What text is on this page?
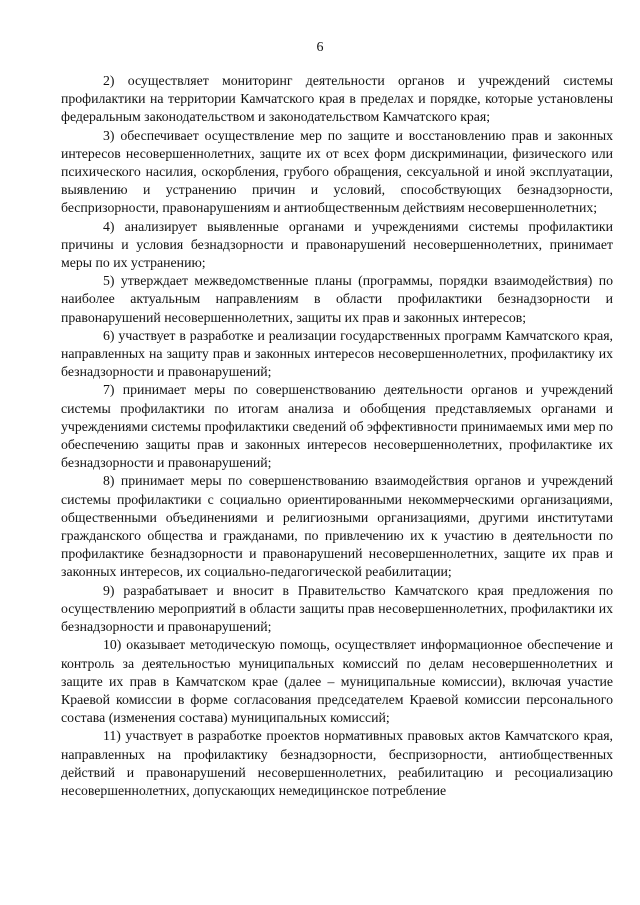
6

2) осуществляет мониторинг деятельности органов и учреждений системы профилактики на территории Камчатского края в пределах и порядке, которые установлены федеральным законодательством и законодательством Камчатского края;

3) обеспечивает осуществление мер по защите и восстановлению прав и законных интересов несовершеннолетних, защите их от всех форм дискриминации, физического или психического насилия, оскорбления, грубого обращения, сексуальной и иной эксплуатации, выявлению и устранению причин и условий, способствующих безнадзорности, беспризорности, правонарушениям и антиобщественным действиям несовершеннолетних;

4) анализирует выявленные органами и учреждениями системы профилактики причины и условия безнадзорности и правонарушений несовершеннолетних, принимает меры по их устранению;

5) утверждает межведомственные планы (программы, порядки взаимодействия) по наиболее актуальным направлениям в области профилактики безнадзорности и правонарушений несовершеннолетних, защиты их прав и законных интересов;

6) участвует в разработке и реализации государственных программ Камчатского края, направленных на защиту прав и законных интересов несовершеннолетних, профилактику их безнадзорности и правонарушений;

7) принимает меры по совершенствованию деятельности органов и учреждений системы профилактики по итогам анализа и обобщения представляемых органами и учреждениями системы профилактики сведений об эффективности принимаемых ими мер по обеспечению защиты прав и законных интересов несовершеннолетних, профилактике их безнадзорности и правонарушений;

8) принимает меры по совершенствованию взаимодействия органов и учреждений системы профилактики с социально ориентированными некоммерческими организациями, общественными объединениями и религиозными организациями, другими институтами гражданского общества и гражданами, по привлечению их к участию в деятельности по профилактике безнадзорности и правонарушений несовершеннолетних, защите их прав и законных интересов, их социально-педагогической реабилитации;

9) разрабатывает и вносит в Правительство Камчатского края предложения по осуществлению мероприятий в области защиты прав несовершеннолетних, профилактики их безнадзорности и правонарушений;

10) оказывает методическую помощь, осуществляет информационное обеспечение и контроль за деятельностью муниципальных комиссий по делам несовершеннолетних и защите их прав в Камчатском крае (далее – муниципальные комиссии), включая участие Краевой комиссии в форме согласования председателем Краевой комиссии персонального состава (изменения состава) муниципальных комиссий;

11) участвует в разработке проектов нормативных правовых актов Камчатского края, направленных на профилактику безнадзорности, беспризорности, антиобщественных действий и правонарушений несовершеннолетних, реабилитацию и ресоциализацию несовершеннолетних, допускающих немедицинское потребление
